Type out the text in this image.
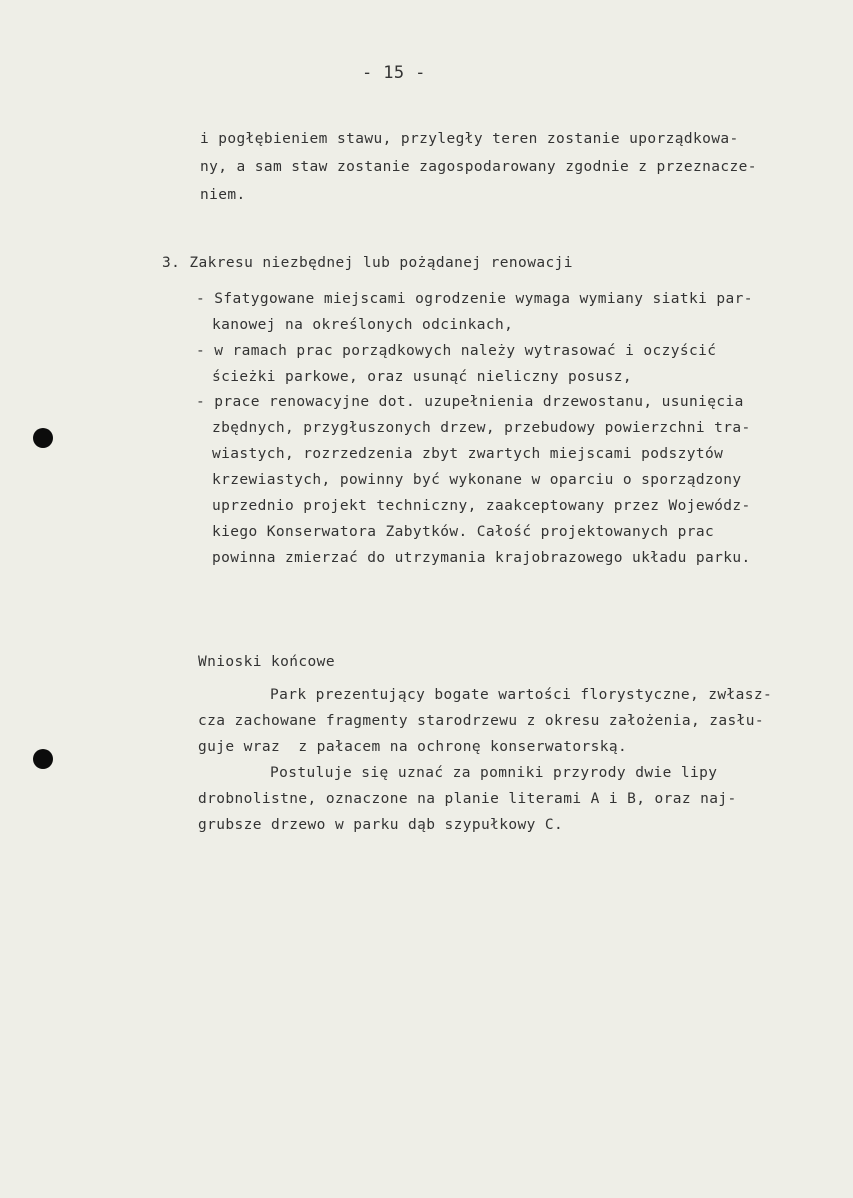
- 15 -
i pogłębieniem stawu, przyległy teren zostanie uporządkowa-
ny, a sam staw zostanie zagospodarowany zgodnie z przeznacze-
niem.
3. Zakresu niezbędnej lub pożądanej renowacji
- Sfatygowane miejscami ogrodzenie wymaga wymiany siatki par-
kanowej na określonych odcinkach,
- w ramach prac porządkowych należy wytrasować i oczyścić
ścieżki parkowe, oraz usunąć nieliczny posusz,
- prace renowacyjne dot. uzupełnienia drzewostanu, usunięcia
zbędnych, przygłuszonych drzew, przebudowy powierzchni tra-
wiastych, rozrzedzenia zbyt zwartych miejscami podszytów
krzewiastych, powinny być wykonane w oparciu o sporządzony
uprzednio projekt techniczny, zaakceptowany przez Wojewódz-
kiego Konserwatora Zabytków. Całość projektowanych prac
powinna zmierzać do utrzymania krajobrazowego układu parku.
Wnioski końcowe
Park prezentujący bogate wartości florystyczne, zwłasz-
cza zachowane fragmenty starodrzewu z okresu założenia, zasłu-
guje wraz  z pałacem na ochronę konserwatorską.
Postuluje się uznać za pomniki przyrody dwie lipy
drobnolistne, oznaczone na planie literami A i B, oraz naj-
grubsze drzewo w parku dąb szypułkowy C.
